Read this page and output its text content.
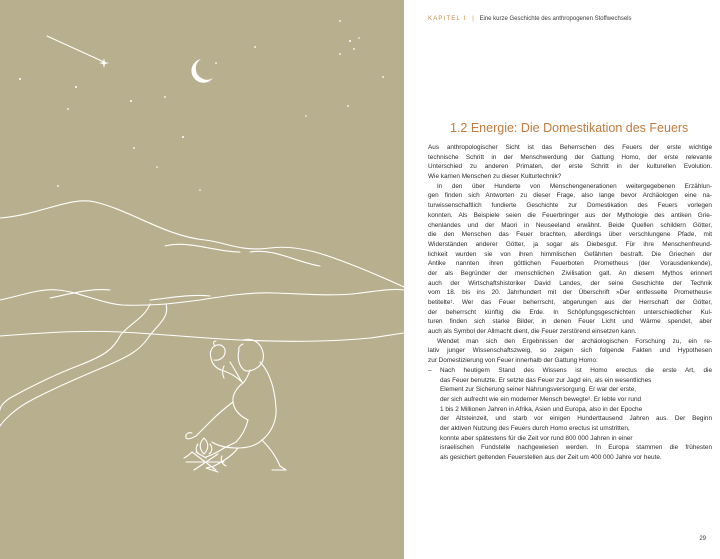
KAPITEL I | Eine kurze Geschichte des anthropogenen Stoffwechsels
1.2 Energie: Die Domestikation des Feuers
Aus anthropologischer Sicht ist das Beherrschen des Feuers der erste wichtige
technische Schritt in der Menschwerdung der Gattung Homo, der erste relevante
Unterschied zu anderen Primaten, der erste Schritt in der kulturellen Evolution.
Wie kamen Menschen zu dieser Kulturtechnik?
In den über Hunderte von Menschengenerationen weitergegebenen Erzählun-
gen finden sich Antworten zu dieser Frage, also lange bevor Archäologen eine na-
turwissenschaftlich fundierte Geschichte zur Domestikation des Feuers vorlegen
konnten. Als Beispiele seien die Feuerbringer aus der Mythologie des antiken Grie-
chenlandes und der Maori in Neuseeland erwähnt. Beide Quellen schildern Götter,
die den Menschen das Feuer brachten, allerdings über verschlungene Pfade, mit
Widerständen anderer Götter, ja sogar als Diebesgut. Für ihre Menschenfreund-
lichkeit wurden sie von ihren himmlischen Gefährten bestraft. Die Griechen der
Antike nannten ihren göttlichen Feuerboten Prometheus (der Vorausdenkende),
der als Begründer der menschlichen Zivilisation galt. An diesem Mythos erinnert
auch der Wirtschaftshistoriker David Landes, der seine Geschichte der Technik
vom 18. bis ins 20. Jahrhundert mit der Überschrift »Der entfesselte Prometheus«
betitelte¹. Wer das Feuer beherrscht, abgerungen aus der Herrschaft der Götter,
der beherrscht künftig die Erde. In Schöpfungsgeschichten unterschiedlicher Kul-
turen finden sich starke Bilder, in denen Feuer Licht und Wärme spendet, aber
auch als Symbol der Allmacht dient, die Feuer zerstörend einsetzen kann.
Wendet man sich den Ergebnissen der archäologischen Forschung zu, ein re-
lativ junger Wissenschaftszweig, so zeigen sich folgende Fakten und Hypothesen
zur Domestizierung von Feuer innerhalb der Gattung Homo:
– Nach heutigem Stand des Wissens ist Homo erectus die erste Art, die
das Feuer benutzte. Er setzte das Feuer zur Jagd ein, als ein wesentliches
Element zur Sicherung seiner Nahrungsversorgung. Er war der erste,
der sich aufrecht wie ein moderner Mensch bewegte². Er lebte vor rund
1 bis 2 Millionen Jahren in Afrika, Asien und Europa, also in der Epoche
der Altsteinzeit, und starb vor einigen Hunderttausend Jahren aus. Der Beginn
der aktiven Nutzung des Feuers durch Homo erectus ist umstritten,
konnte aber spätestens für die Zeit vor rund 800 000 Jahren in einer
israelischen Fundstelle nachgewiesen werden. In Europa stammen die frühesten
als gesichert geltenden Feuerstellen aus der Zeit um 400 000 Jahre vor heute.
29
